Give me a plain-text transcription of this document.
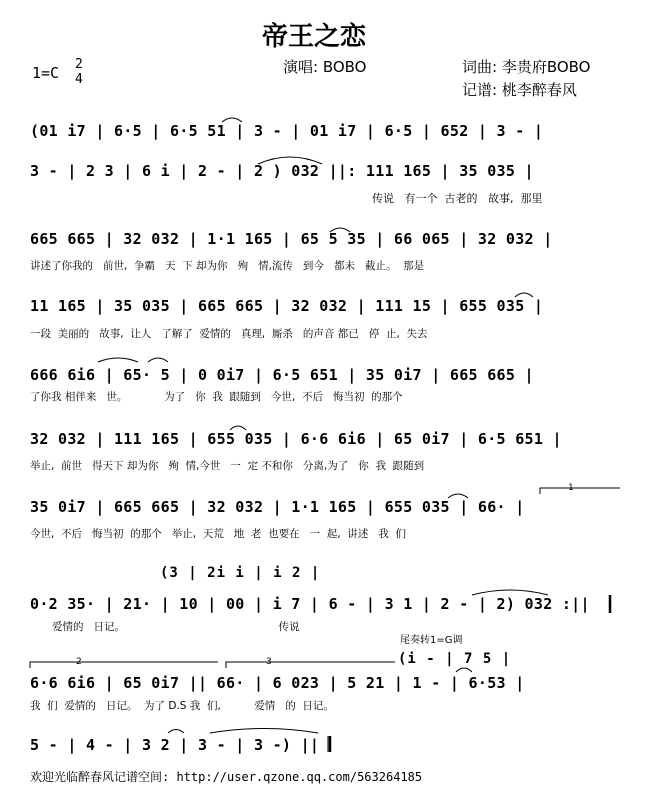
帝王之恋
1=C 2
4
演唱: BOBO	词曲: 李贵府BOBO
记谱: 桃李醉春风
(01 i7 | 6·5 | 6·5 51 | 3 - | 01 i7 | 6·5 | 652 | 3 - |
3 - | 2 3 | 6 i | 2 - | 2 ) 032 ||: 111 165 | 35 035 |
传说   有一个  古老的   故事,  那里
665 665 | 32 032 | 1·1 165 | 65 5 35 | 66 065 | 32 032 |
讲述了你我的   前世,  争霸   天  下 却为你   殉   情,流传   到今   都未   截止。  那是
11 165 | 35 035 | 665 665 | 32 032 | 111 15 | 655 035 |
一段  美丽的   故事,  让人   了解了  爱情的   真理,  厮杀   的声音 都已   停  止,  失去
666 6i6 | 65· 5 | 0 0i7 | 6·5 651 | 35 0i7 | 665 665 |
了你我 相伴来   世。           为了   你  我  跟随到   今世,  不后   悔当初  的那个
32 032 | 111 165 | 655 035 | 6·6 6i6 | 65 0i7 | 6·5 651 |
举止,  前世   得天下 却为你   殉  情,今世   一  定 不和你   分离,为了   你  我  跟随到
35 0i7 | 665 665 | 32 032 | 1·1 165 | 655 035 | 66· |
今世,  不后   悔当初  的那个   举止,  天荒   地  老  也要在   一  起,  讲述   我  们
(3 | 2i i | i 2 |
0·2 35· | 21· | 10 | 00 | i 7 | 6 - | 3 1 | 2 - | 2) 032 :||
爱情的   日记。                                              传说
尾奏转1=G调
(i - | 7 5 |
6·6 6i6 | 65 0i7 || 66· | 6 023 | 5 21 | 1 - | 6·53 |
我  们  爱情的   日记。  为了 D.S 我  们,          爱情   的  日记。
5 - | 4 - | 3 2 | 3 - | 3 -) ||
欢迎光临醉春风记谱空间: http://user.qzone.qq.com/563264185
1
2	3
